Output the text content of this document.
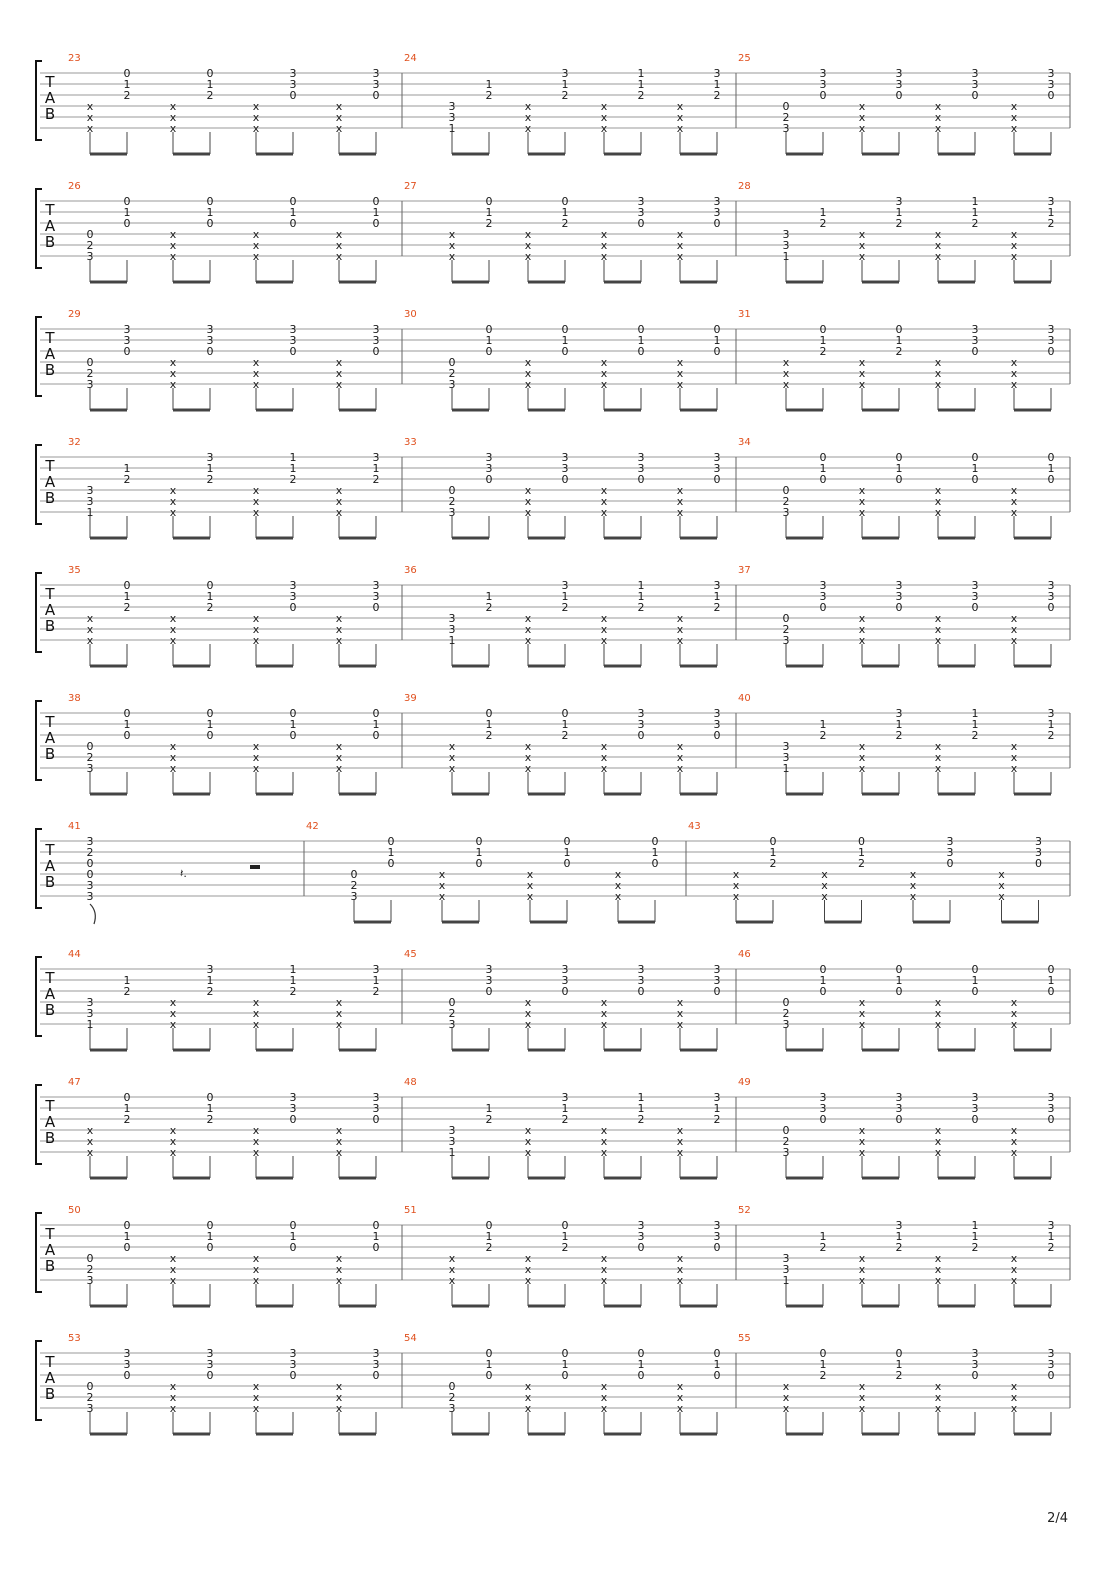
T
A
B
23
x
x
x
2
1
0
x
x
x
2
1
0
x
x
x
0
3
3
x
x
x
0
3
3
24
1
3
3
2
1
x
x
x
2
1
3
x
x
x
2
1
1
x
x
x
2
1
3
25
3
2
0
0
3
3
x
x
x
0
3
3
x
x
x
0
3
3
x
x
x
0
3
3
T
A
B
26
3
2
0
0
1
0
x
x
x
0
1
0
x
x
x
0
1
0
x
x
x
0
1
0
27
x
x
x
2
1
0
x
x
x
2
1
0
x
x
x
0
3
3
x
x
x
0
3
3
28
1
3
3
2
1
x
x
x
2
1
3
x
x
x
2
1
1
x
x
x
2
1
3
T
A
B
29
3
2
0
0
3
3
x
x
x
0
3
3
x
x
x
0
3
3
x
x
x
0
3
3
30
3
2
0
0
1
0
x
x
x
0
1
0
x
x
x
0
1
0
x
x
x
0
1
0
31
x
x
x
2
1
0
x
x
x
2
1
0
x
x
x
0
3
3
x
x
x
0
3
3
T
A
B
32
1
3
3
2
1
x
x
x
2
1
3
x
x
x
2
1
1
x
x
x
2
1
3
33
3
2
0
0
3
3
x
x
x
0
3
3
x
x
x
0
3
3
x
x
x
0
3
3
34
3
2
0
0
1
0
x
x
x
0
1
0
x
x
x
0
1
0
x
x
x
0
1
0
T
A
B
35
x
x
x
2
1
0
x
x
x
2
1
0
x
x
x
0
3
3
x
x
x
0
3
3
36
1
3
3
2
1
x
x
x
2
1
3
x
x
x
2
1
1
x
x
x
2
1
3
37
3
2
0
0
3
3
x
x
x
0
3
3
x
x
x
0
3
3
x
x
x
0
3
3
T
A
B
38
3
2
0
0
1
0
x
x
x
0
1
0
x
x
x
0
1
0
x
x
x
0
1
0
39
x
x
x
2
1
0
x
x
x
2
1
0
x
x
x
0
3
3
x
x
x
0
3
3
40
1
3
3
2
1
x
x
x
2
1
3
x
x
x
2
1
1
x
x
x
2
1
3
T
A
B
41
3
2
0
0
3
3
𝄽.
42
3
2
0
0
1
0
x
x
x
0
1
0
x
x
x
0
1
0
x
x
x
0
1
0
43
x
x
x
2
1
0
x
x
x
2
1
0
x
x
x
0
3
3
x
x
x
0
3
3
T
A
B
44
1
3
3
2
1
x
x
x
2
1
3
x
x
x
2
1
1
x
x
x
2
1
3
45
3
2
0
0
3
3
x
x
x
0
3
3
x
x
x
0
3
3
x
x
x
0
3
3
46
3
2
0
0
1
0
x
x
x
0
1
0
x
x
x
0
1
0
x
x
x
0
1
0
T
A
B
47
x
x
x
2
1
0
x
x
x
2
1
0
x
x
x
0
3
3
x
x
x
0
3
3
48
1
3
3
2
1
x
x
x
2
1
3
x
x
x
2
1
1
x
x
x
2
1
3
49
3
2
0
0
3
3
x
x
x
0
3
3
x
x
x
0
3
3
x
x
x
0
3
3
T
A
B
50
3
2
0
0
1
0
x
x
x
0
1
0
x
x
x
0
1
0
x
x
x
0
1
0
51
x
x
x
2
1
0
x
x
x
2
1
0
x
x
x
0
3
3
x
x
x
0
3
3
52
1
3
3
2
1
x
x
x
2
1
3
x
x
x
2
1
1
x
x
x
2
1
3
T
A
B
53
3
2
0
0
3
3
x
x
x
0
3
3
x
x
x
0
3
3
x
x
x
0
3
3
54
3
2
0
0
1
0
x
x
x
0
1
0
x
x
x
0
1
0
x
x
x
0
1
0
55
x
x
x
2
1
0
x
x
x
2
1
0
x
x
x
0
3
3
x
x
x
0
3
3
2/4
